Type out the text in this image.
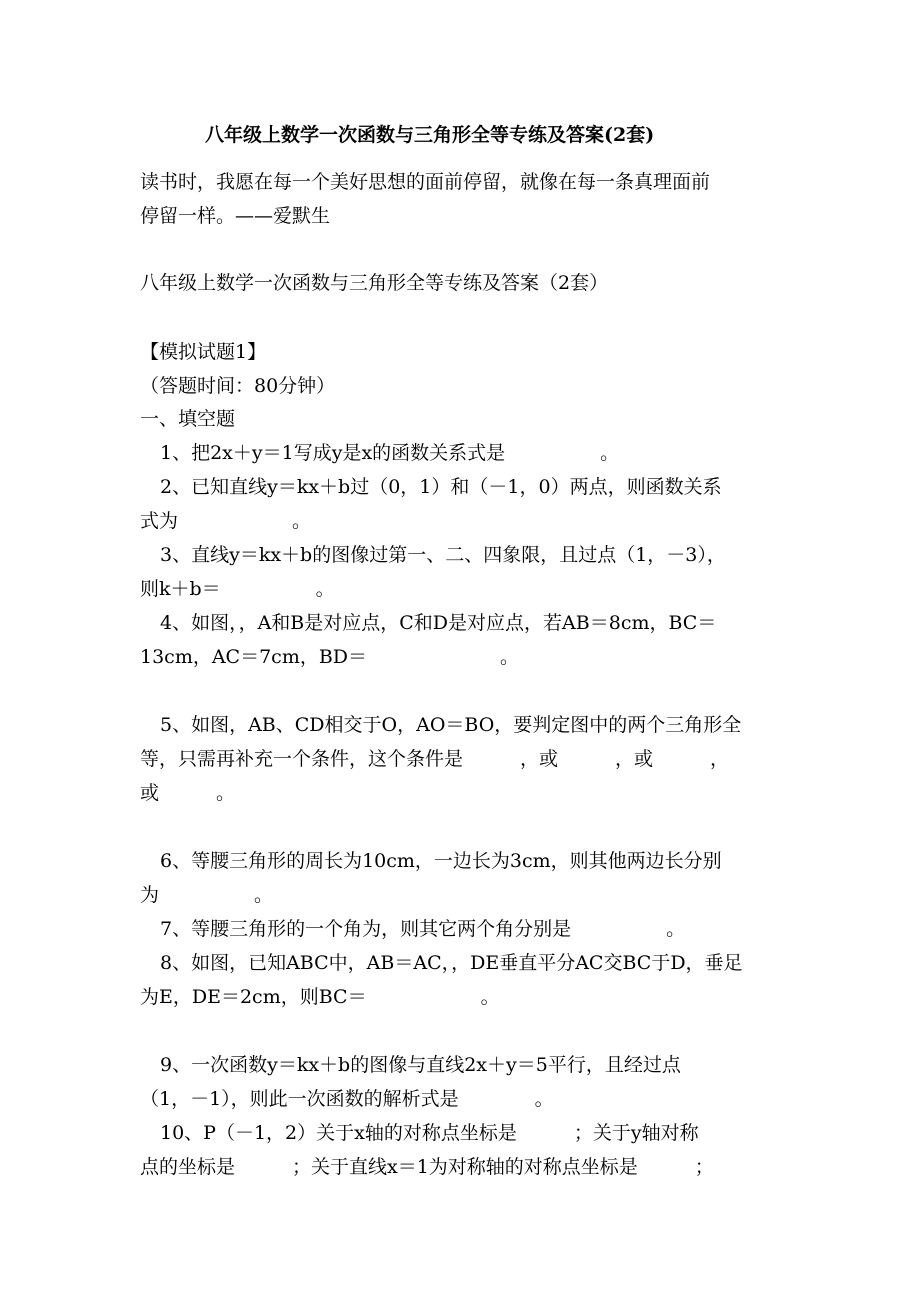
八年级上数学一次函数与三角形全等专练及答案(2套)
读书时，我愿在每一个美好思想的面前停留，就像在每一条真理面前
停留一样。——爱默生
八年级上数学一次函数与三角形全等专练及答案（2套）
【模拟试题1】
（答题时间：80分钟）
一、填空题
1、把2x＋y＝1写成y是x的函数关系式是　　　　　。
2、已知直线y＝kx＋b过（0，1）和（－1，0）两点，则函数关系
式为　　　　　　。
3、直线y＝kx＋b的图像过第一、二、四象限，且过点（1，－3），
则k＋b＝　　　　　。
4、如图，，A和B是对应点，C和D是对应点，若AB＝8cm，BC＝
13cm，AC＝7cm，BD＝　　　　　　　。
5、如图，AB、CD相交于O，AO＝BO，要判定图中的两个三角形全
等，只需再补充一个条件，这个条件是　　　，或　　　，或　　　，
或　　　。
6、等腰三角形的周长为10cm，一边长为3cm，则其他两边长分别
为　　　　　。
7、等腰三角形的一个角为，则其它两个角分别是　　　　　。
8、如图，已知ABC中，AB＝AC，，DE垂直平分AC交BC于D，垂足
为E，DE＝2cm，则BC＝　　　　　　。
9、一次函数y＝kx＋b的图像与直线2x＋y＝5平行，且经过点
（1，－1），则此一次函数的解析式是　　　　。
10、P（－1，2）关于x轴的对称点坐标是　　　；关于y轴对称
点的坐标是　　　；关于直线x＝1为对称轴的对称点坐标是　　　；
